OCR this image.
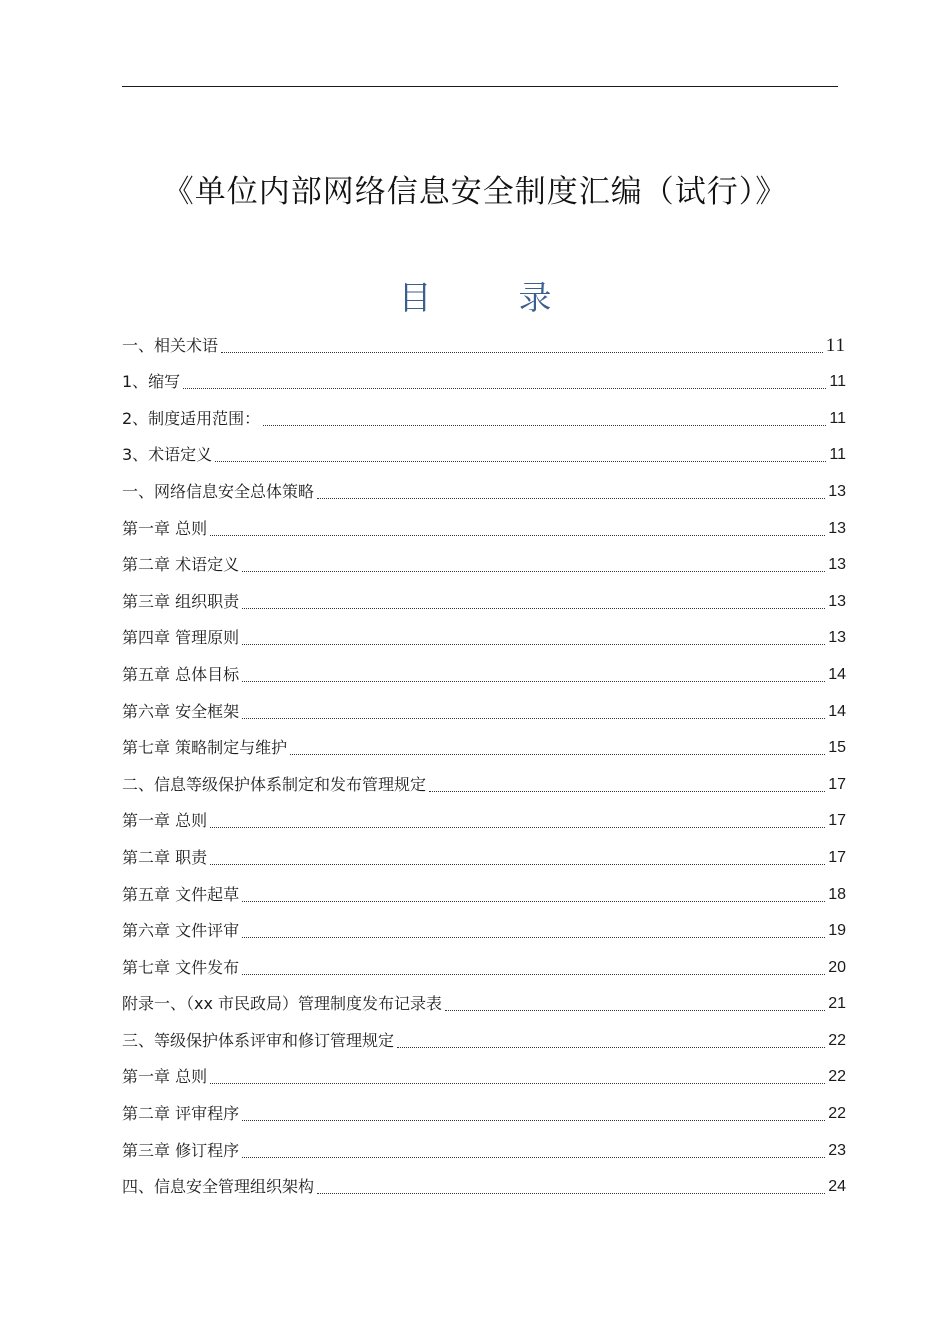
《单位内部网络信息安全制度汇编（试行）》
目  录
一、相关术语	11
1、缩写	11
2、制度适用范围：	11
3、术语定义	11
一、网络信息安全总体策略	13
第一章 总则	13
第二章 术语定义	13
第三章 组织职责	13
第四章 管理原则	13
第五章 总体目标	14
第六章 安全框架	14
第七章 策略制定与维护	15
二、信息等级保护体系制定和发布管理规定	17
第一章 总则	17
第二章 职责	17
第五章 文件起草	18
第六章 文件评审	19
第七章 文件发布	20
附录一、（xx 市民政局）管理制度发布记录表	21
三、等级保护体系评审和修订管理规定	22
第一章 总则	22
第二章 评审程序	22
第三章 修订程序	23
四、信息安全管理组织架构	24
